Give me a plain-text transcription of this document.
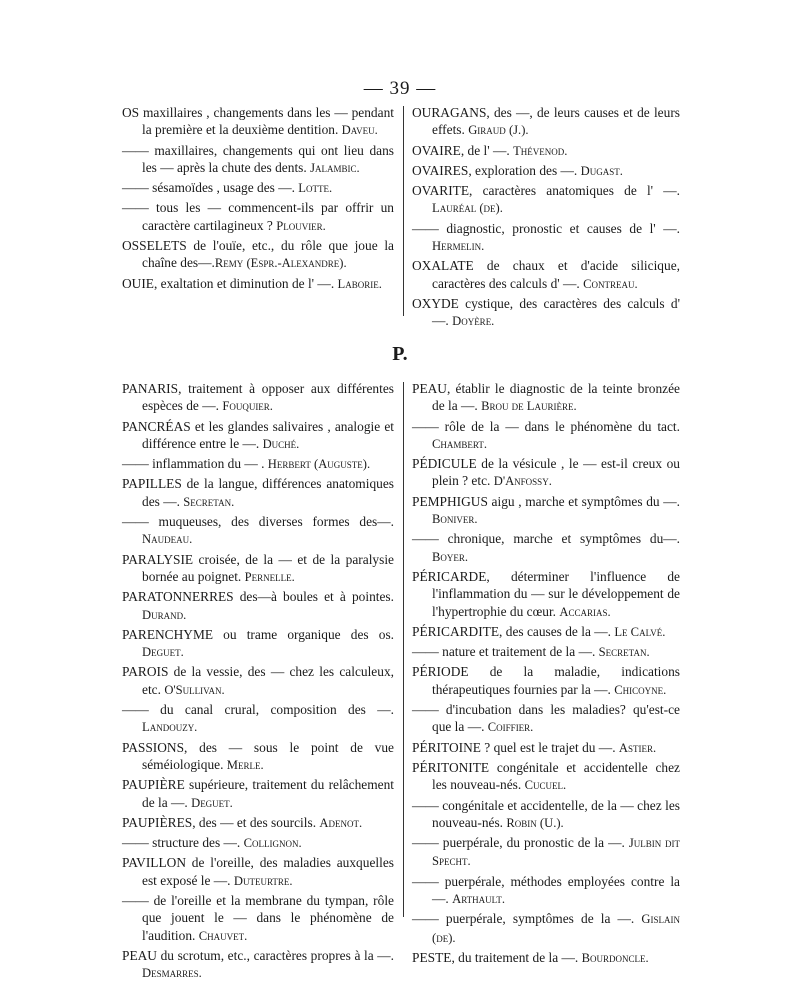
— 39 —

OS maxillaires , changements dans les — pendant la première et la deuxième dentition. Daveu.

—— maxillaires, changements qui ont lieu dans les — après la chute des dents. Jalambic.

—— sésamoïdes , usage des —. Lotte.

—— tous les — commencent-ils par offrir un caractère cartilagineux ? Plouvier.

OSSELETS de l'ouïe, etc., du rôle que joue la chaîne des—.Remy (Espr.-Alexandre).

OUIE, exaltation et diminution de l' —. Laborie.

OURAGANS, des —, de leurs causes et de leurs effets. Giraud (J.).

OVAIRE, de l' —. Thévenod.

OVAIRES, exploration des —. Dugast.

OVARITE, caractères anatomiques de l' —. Lauréal (de).

—— diagnostic, pronostic et causes de l' —. Hermelin.

OXALATE de chaux et d'acide silicique, caractères des calculs d' —. Contreau.

OXYDE cystique, des caractères des calculs d' —. Doyère.

P.

PANARIS, traitement à opposer aux différentes espèces de —. Fouquier.

PANCRÉAS et les glandes salivaires , analogie et différence entre le —. Duché.

—— inflammation du — . Herbert (Auguste).

PAPILLES de la langue, différences anatomiques des —. Secretan.

—— muqueuses, des diverses formes des—. Naudeau.

PARALYSIE croisée, de la — et de la paralysie bornée au poignet. Pernelle.

PARATONNERRES des—à boules et à pointes. Durand.

PARENCHYME ou trame organique des os. Deguet.

PAROIS de la vessie, des — chez les calculeux, etc. O'Sullivan.

—— du canal crural, composition des —. Landouzy.

PASSIONS, des — sous le point de vue séméiologique. Merle.

PAUPIÈRE supérieure, traitement du relâchement de la —. Deguet.

PAUPIÈRES, des — et des sourcils. Adenot.

—— structure des —. Collignon.

PAVILLON de l'oreille, des maladies auxquelles est exposé le —. Duteurtre.

—— de l'oreille et la membrane du tympan, rôle que jouent le — dans le phénomène de l'audition. Chauvet.

PEAU du scrotum, etc., caractères propres à la —. Desmarres.

PEAU, établir le diagnostic de la teinte bronzée de la —. Brou de Laurière.

—— rôle de la — dans le phénomène du tact. Chambert.

PÉDICULE de la vésicule , le — est-il creux ou plein ? etc. D'Anfossy.

PEMPHIGUS aigu , marche et symptômes du —. Boniver.

—— chronique, marche et symptômes du—. Boyer.

PÉRICARDE, déterminer l'influence de l'inflammation du — sur le développement de l'hypertrophie du cœur. Accarias.

PÉRICARDITE, des causes de la —. Le Calvé.

—— nature et traitement de la —. Secretan.

PÉRIODE de la maladie, indications thérapeutiques fournies par la —. Chicoyne.

—— d'incubation dans les maladies? qu'est-ce que la —. Coiffier.

PÉRITOINE ? quel est le trajet du —. Astier.

PÉRITONITE congénitale et accidentelle chez les nouveau-nés. Cucuel.

—— congénitale et accidentelle, de la — chez les nouveau-nés. Robin (U.).

—— puerpérale, du pronostic de la —. Julbin dit Specht.

—— puerpérale, méthodes employées contre la —. Arthault.

—— puerpérale, symptômes de la —. Gislain (de).

PESTE, du traitement de la —. Bourdoncle.
